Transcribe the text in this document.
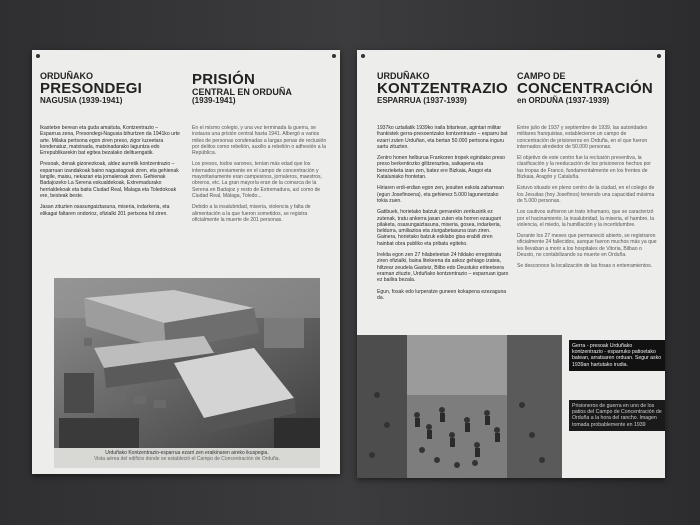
ORDUÑAKO
PRESONDEGI
NAGUSIA (1939-1941)
PRISIÓN
CENTRAL EN ORDUÑA
(1939-1941)

Ikastetxe berean eta guda amaituta, Kontzentrazio – Esparrua zena, Presondegi-Nagusia bihurtzen da 1941ko urte arte. Milaka pertsona egon ziren preso, zigor luzeetara kondenatuz, matxinada, matxinadarako laguntza edo Errepublikarekin bat egitea bezalako delituengatik.

Presoak, denak gizonezkoak, aldez aurretik kontzentrazio – esparruan izandakoak baino nagusiagoak ziren, eta gehienak langile, maisu, nekazari eta jornaleroak ziren. Gehienak Badajozeko La Serena eskualdekoak, Extremadurako herrialdekoak eta baita Ciudad Real, Malaga eta Toledokoak ere, besteak beste.

Jasan zituzten osasungaiztasuna, miseria, indarkeria, eta elikagai faltaren ondorioz, ofizialki 201 pertsona hil ziren.

En el mismo colegio, y una vez terminada la guerra, se instaura una prisión central hasta 1941. Albergó a varios miles de personas condenadas a largas penas de reclusión por delitos como rebelión, auxilio a rebelión o adhesión a la República.

Los presos, todos varones, tenían más edad que los internados previamente en el campo de concentración y mayoritariamente eran campesinos, jornaleros, maestros, obreros, etc. La gran mayoría eran de la comarca de la Serena en Badajoz y resto de Extremadura, así como de Ciudad Real, Málaga, Toledo...

Debido a la insalubridad, miseria, violencia y falta de alimentación a la que fueron sometidos, se registra oficialmente la muerte de 201 personas.

Urduñako Kontzentrazio-esparrua ezarri zen eraikinaren aireko ikuspegia.
Vista aérea del edificio donde se estableció el Campo de Concentración de Orduña.
URDUÑAKO
KONTZENTRAZIO
ESPARRUA (1937-1939)
CAMPO DE
CONCENTRACIÓN
en ORDUÑA (1937-1939)

1937ko uztailatik 1939ko iraila bitartean, agintari militar frankistek gerra-presoentzako kontzentrazio – esparru bat ezarri zuten Urduñan, eta bertan 50.000 pertsona inguru sartu zituzten.

Zentro honen helburua Frankoren tropek egindako preso preso berkentiozko gilitzeraztea, saikapena eta berezieketa izan zen, batez ere Bizkaia, Aragoi eta Kataluniako frontetan.

Hiriaren erdi-erdian egon zen, jesuiten eskola zaharrean (egun Josefinoena), eta gehienez 5.000 lagunentzako tokia zuen.

Gatibuek, horietako batzuk gerrarekin zerikusirik ez zutenak, tratu ankerra jasan zuten eta horren ezaugarri pilaketa, osasungaiztasuna, miseria, gosea, indarkeria, beldurra, umiliazioa eta ziurgabetasuna izan ziren. Gainera, horietako batzuk esklabo gisa erabili ziren hainbat obra publiko eta pribatu egiteko.

Irekita egon zen 27 hilabeteetan 24 hildako erregistratu ziren ofizialki, baina litekeena da askoz gehiago izatea, hiltzear zeudela Gasteiz, Bilbo edo Deustuko eriteetxera eraman zituzte, Urduñako kontzentrazio – esparruan igaro ez bailira bezala.

Egun, fosak edo lurperatze guneen kokapena ezezaguna da.

Entre julio de 1937 y septiembre de 1939, las autoridades militares franquistas, establecieron un campo de concentración de prisioneros en Orduña, en el que fueron internados alrededor de 50.000 personas.

El objetivo de este centro fue la reclusión preventiva, la clasificación y la reeducación de los prisioneros hechos por las tropas de Franco, fundamentalmente en los frentes de Bizkaia, Aragón y Cataluña.

Estuvo situado en pleno centro de la ciudad, en el colegio de los Jesuitas (hoy Josefinos) teniendo una capacidad máxima de 5.000 personas.

Los cautivos sufrieron un trato inhumano, que se caracterizó por el hacinamiento, la insalubridad, la miseria, el hambre, la violencia, el miedo, la humillación y la incertidumbre.

Durante los 27 meses que permaneció abierto, se registraron oficialmente 24 fallecidos, aunque fueron muchos más ya que les llevaban a morir a los hospitales de Vitoria, Bilbao o Deusto, no contabilizando su muerte en Orduña.

Se desconoce la localización de las fosas o enterramientos.

Gerra - presoak Urduñako kontzentrazio - esparruko patioetako batean, arratsaren orduan. Segur asko 1939an hartutako irudia.
Prisioneros de guerra en uno de los patios del Campo de Concentración de Orduña a la hora del rancho. Imagen tomada probablemente en 1939
